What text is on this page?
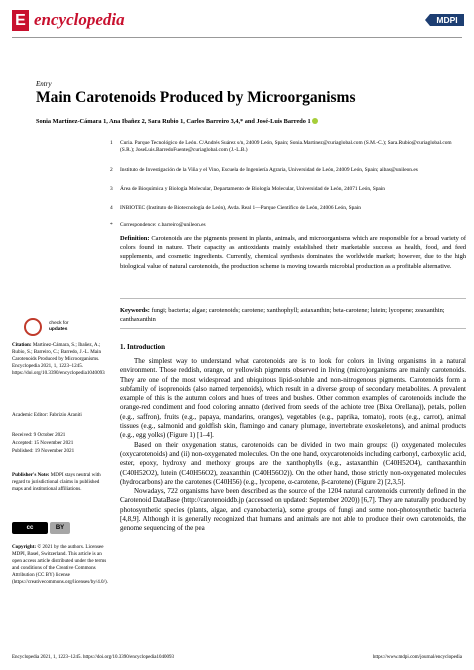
E encyclopedia	MDPI
Entry
Main Carotenoids Produced by Microorganisms
Sonia Martínez-Cámara 1, Ana Ibañez 2, Sara Rubio 1, Carlos Barreiro 3,4,* and José-Luis Barredo 1
1 Curia. Parque Tecnológico de León. C/Andrés Suárez s/n, 24009 León, Spain; Sonia.Martinez@curiaglobal.com (S.M.-C.); Sara.Rubio@curiaglobal.com (S.R.); JoseLuis.BarredoFuente@curiaglobal.com (J.-L.B.)
2 Instituto de Investigación de la Viña y el Vino, Escuela de Ingeniería Agraria, Universidad de León, 24009 León, Spain; aibas@unileon.es
3 Área de Bioquímica y Biología Molecular, Departamento de Biología Molecular, Universidad de León, 24071 León, Spain
4 INBIOTEC (Instituto de Biotecnología de León), Avda. Real 1—Parque Científico de León, 24006 León, Spain
* Correspondence: c.barreiro@unileon.es
Definition: Carotenoids are the pigments present in plants, animals, and microorganisms which are responsible for a broad variety of colors found in nature. Their capacity as antioxidants mainly established their marketable success as health, food, and feed supplements, and cosmetic ingredients. Currently, chemical synthesis dominates the worldwide market; however, due to the high biological value of natural carotenoids, the production scheme is moving towards microbial production as a profitable alternative.
Keywords: fungi; bacteria; algae; carotenoids; carotene; xanthophyll; astaxanthin; beta-carotene; lutein; lycopene; zeaxanthin; canthaxanthin
1. Introduction

The simplest way to understand what carotenoids are is to look for colors in living organisms in a natural environment. Those reddish, orange, or yellowish pigments observed in living (micro)organisms are mainly carotenoids. They are one of the most widespread and ubiquitous lipid-soluble and non-nitrogenous pigments. Carotenoids form a subfamily of isoprenoids (also named terpenoids), which result in a diverse group of secondary metabolites. A prevalent example of this is the autumn colors and hues of trees and bushes. Other common examples of carotenoids include the orange-red condiment and food coloring annatto (derived from seeds of the achiote tree (Bixa Orellana)), petals, pollen (e.g., saffron), fruits (e.g., papaya, mandarins, oranges), vegetables (e.g., paprika, tomato), roots (e.g., carrot), animal tissues (e.g., salmonid and goldfish skin, flamingo and canary plumage, invertebrate exoskeletons), and animal products (e.g., egg yolks) (Figure 1) [1–4].

Based on their oxygenation status, carotenoids can be divided in two main groups: (i) oxygenated molecules (oxycarotenoids) and (ii) non-oxygenated molecules. On the one hand, oxycarotenoids including carbonyl, carboxylic acid, ester, epoxy, hydroxy and methoxy groups are the xanthophylls (e.g., astaxanthin (C40H52O4), canthaxanthin (C40H52O2), lutein (C40H56O2), zeaxanthin (C40H56O2)). On the other hand, those strictly non-oxygenated molecules (hydrocarbons) are the carotenes (C40H56) (e.g., lycopene, α-carotene, β-carotene) (Figure 2) [2,3,5].

Nowadays, 722 organisms have been described as the source of the 1204 natural carotenoids currently defined in the Carotenoid DataBase (http://carotenoiddb.jp (accessed on updated: September 2020)) [6,7]. They are naturally produced by photosynthetic species (plants, algae, and cyanobacteria), some groups of fungi and some non-photosynthetic bacteria [4,8,9]. Although it is generally recognized that humans and animals are not able to produce their own carotenoids, the genome sequencing of the pea

check for
updates
Citation: Martínez-Cámara, S.; Ibañez, A.; Rubio, S.; Barreiro, C.; Barredo, J.-L. Main Carotenoids Produced by Microorganisms. Encyclopedia 2021, 1, 1223–1245. https://doi.org/10.3390/encyclopedia1040093
Academic Editor: Fabrizio Araniti
Received: 9 October 2021
Accepted: 15 November 2021
Published: 19 November 2021
Publisher's Note: MDPI stays neutral with regard to jurisdictional claims in published maps and institutional affiliations.
cc	BY
Copyright: © 2021 by the authors. Licensee MDPI, Basel, Switzerland. This article is an open access article distributed under the terms and conditions of the Creative Commons Attribution (CC BY) license (https://creativecommons.org/licenses/by/4.0/).
Encyclopedia 2021, 1, 1223–1245. https://doi.org/10.3390/encyclopedia1040093	https://www.mdpi.com/journal/encyclopedia
